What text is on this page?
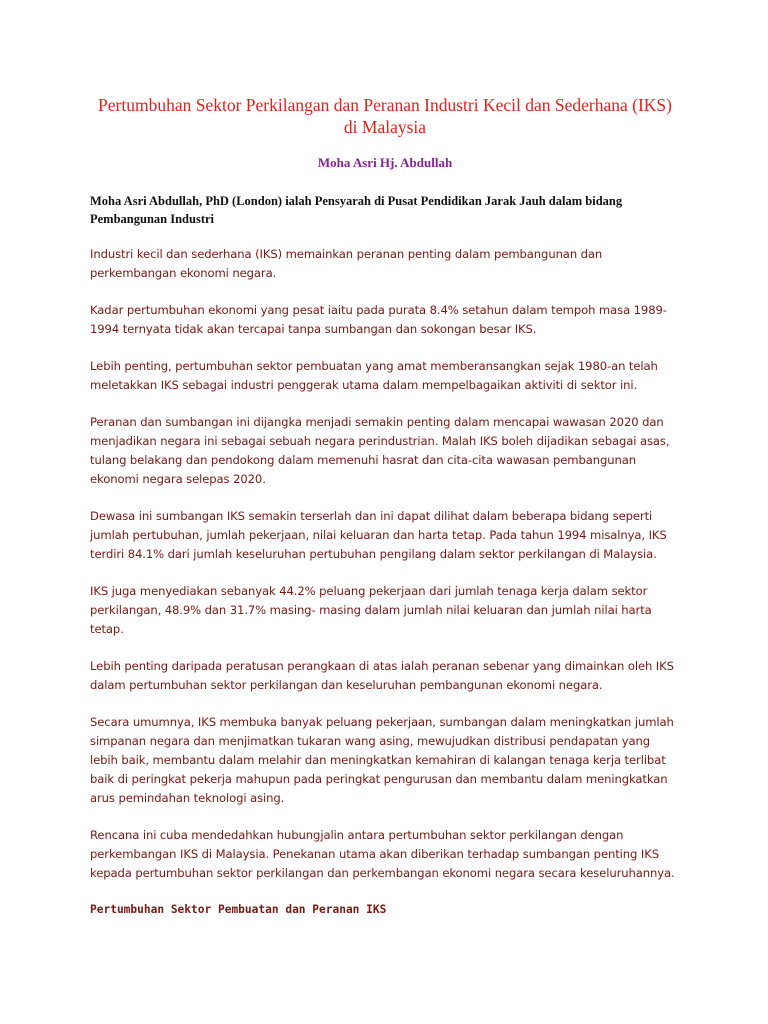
Pertumbuhan Sektor Perkilangan dan Peranan Industri Kecil dan Sederhana (IKS) di Malaysia

Moha Asri Hj. Abdullah

Moha Asri Abdullah, PhD (London) ialah Pensyarah di Pusat Pendidikan Jarak Jauh dalam bidang Pembangunan Industri

Industri kecil dan sederhana (IKS) memainkan peranan penting dalam pembangunan dan perkembangan ekonomi negara.

Kadar pertumbuhan ekonomi yang pesat iaitu pada purata 8.4% setahun dalam tempoh masa 1989-1994 ternyata tidak akan tercapai tanpa sumbangan dan sokongan besar IKS.

Lebih penting, pertumbuhan sektor pembuatan yang amat memberansangkan sejak 1980-an telah meletakkan IKS sebagai industri penggerak utama dalam mempelbagaikan aktiviti di sektor ini.

Peranan dan sumbangan ini dijangka menjadi semakin penting dalam mencapai wawasan 2020 dan menjadikan negara ini sebagai sebuah negara perindustrian. Malah IKS boleh dijadikan sebagai asas, tulang belakang dan pendokong dalam memenuhi hasrat dan cita-cita wawasan pembangunan ekonomi negara selepas 2020.

Dewasa ini sumbangan IKS semakin terserlah dan ini dapat dilihat dalam beberapa bidang seperti jumlah pertubuhan, jumlah pekerjaan, nilai keluaran dan harta tetap. Pada tahun 1994 misalnya, IKS terdiri 84.1% dari jumlah keseluruhan pertubuhan pengilang dalam sektor perkilangan di Malaysia.

IKS juga menyediakan sebanyak 44.2% peluang pekerjaan dari jumlah tenaga kerja dalam sektor perkilangan, 48.9% dan 31.7% masing- masing dalam jumlah nilai keluaran dan jumlah nilai harta tetap.

Lebih penting daripada peratusan perangkaan di atas ialah peranan sebenar yang dimainkan oleh IKS dalam pertumbuhan sektor perkilangan dan keseluruhan pembangunan ekonomi negara.

Secara umumnya, IKS membuka banyak peluang pekerjaan, sumbangan dalam meningkatkan jumlah simpanan negara dan menjimatkan tukaran wang asing, mewujudkan distribusi pendapatan yang lebih baik, membantu dalam melahir dan meningkatkan kemahiran di kalangan tenaga kerja terlibat baik di peringkat pekerja mahupun pada peringkat pengurusan dan membantu dalam meningkatkan arus pemindahan teknologi asing.

Rencana ini cuba mendedahkan hubungjalin antara pertumbuhan sektor perkilangan dengan perkembangan IKS di Malaysia. Penekanan utama akan diberikan terhadap sumbangan penting IKS kepada pertumbuhan sektor perkilangan dan perkembangan ekonomi negara secara keseluruhannya.

Pertumbuhan Sektor Pembuatan dan Peranan IKS
